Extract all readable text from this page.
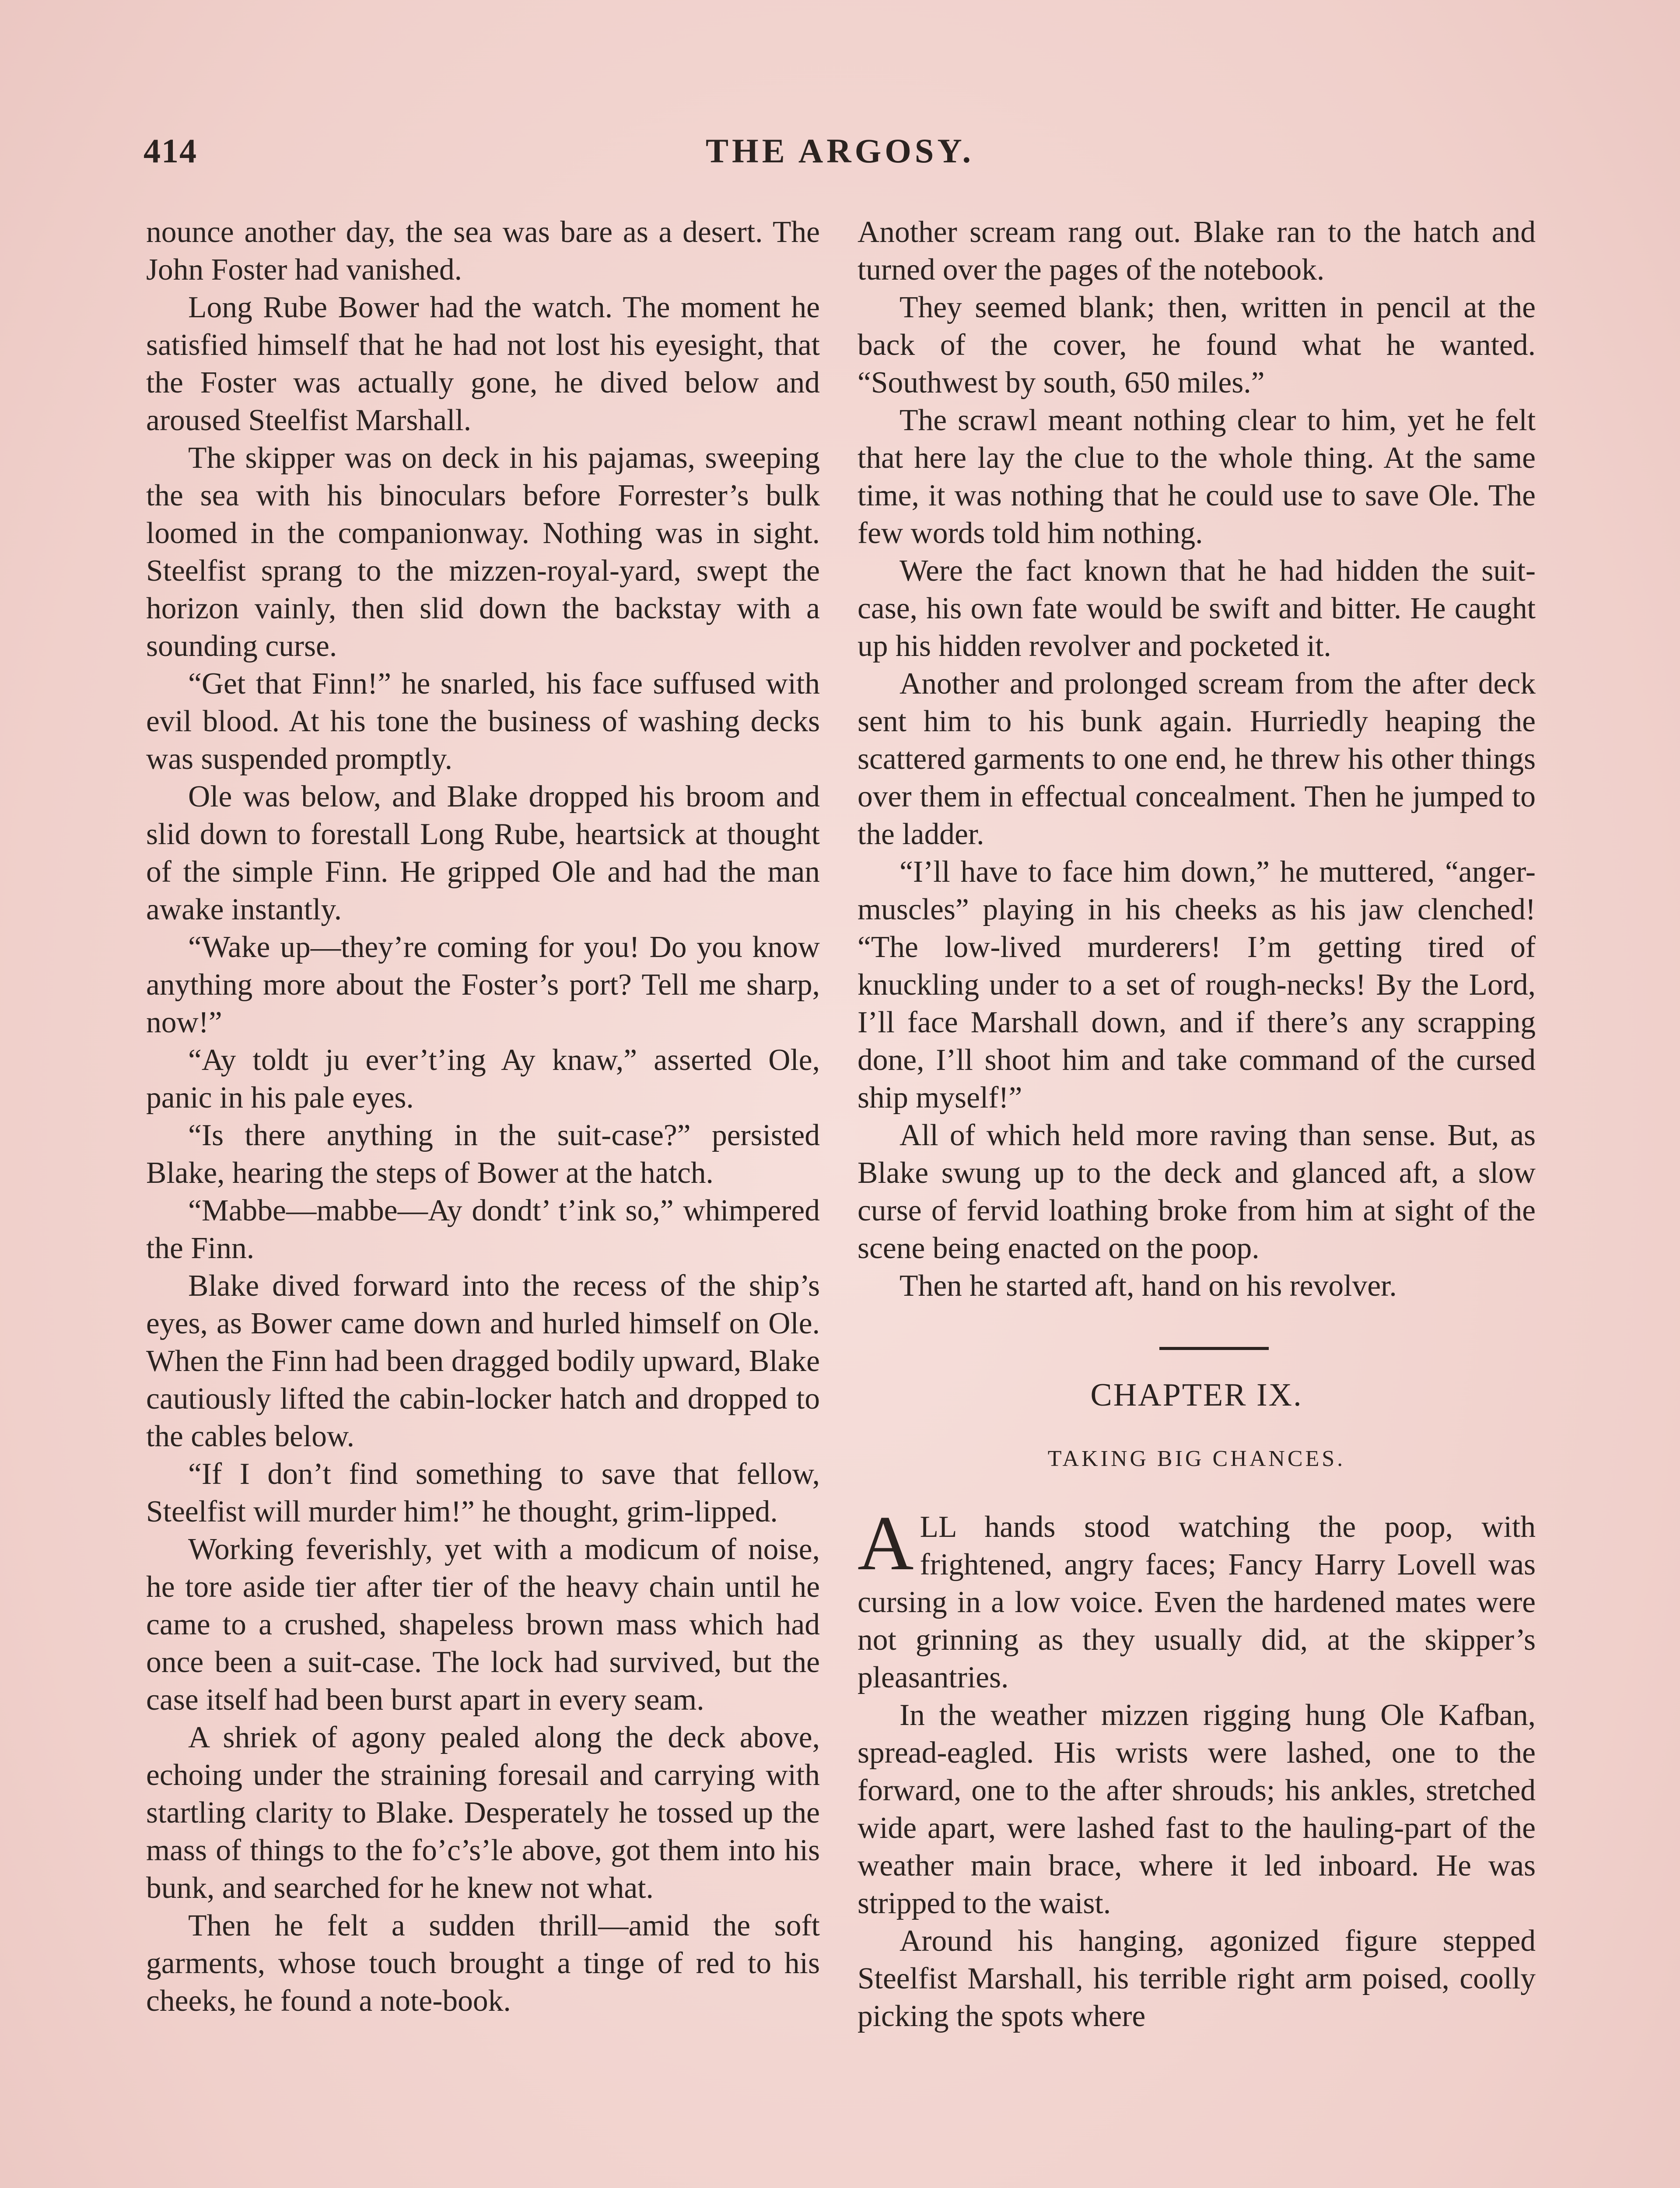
414	THE ARGOSY.

nounce another day, the sea was bare as a desert. The John Foster had vanished.

Long Rube Bower had the watch. The moment he satisfied himself that he had not lost his eyesight, that the Foster was actually gone, he dived below and aroused Steelfist Marshall.

The skipper was on deck in his pajamas, sweeping the sea with his binoculars before Forrester’s bulk loomed in the companionway. Nothing was in sight. Steelfist sprang to the mizzen-royal-yard, swept the horizon vainly, then slid down the backstay with a sounding curse.

“Get that Finn!” he snarled, his face suffused with evil blood. At his tone the business of washing decks was suspended promptly.

Ole was below, and Blake dropped his broom and slid down to forestall Long Rube, heartsick at thought of the simple Finn. He gripped Ole and had the man awake instantly.

“Wake up—they’re coming for you! Do you know anything more about the Foster’s port? Tell me sharp, now!”

“Ay toldt ju ever’t’ing Ay knaw,” asserted Ole, panic in his pale eyes.

“Is there anything in the suit-case?” persisted Blake, hearing the steps of Bower at the hatch.

“Mabbe—mabbe—Ay dondt’ t’ink so,” whimpered the Finn.

Blake dived forward into the recess of the ship’s eyes, as Bower came down and hurled himself on Ole. When the Finn had been dragged bodily upward, Blake cautiously lifted the cabin-locker hatch and dropped to the cables below.

“If I don’t find something to save that fellow, Steelfist will murder him!” he thought, grim-lipped.

Working feverishly, yet with a modicum of noise, he tore aside tier after tier of the heavy chain until he came to a crushed, shapeless brown mass which had once been a suit-case. The lock had survived, but the case itself had been burst apart in every seam.

A shriek of agony pealed along the deck above, echoing under the straining foresail and carrying with startling clarity to Blake. Desperately he tossed up the mass of things to the fo’c’s’le above, got them into his bunk, and searched for he knew not what.

Then he felt a sudden thrill—amid the soft garments, whose touch brought a tinge of red to his cheeks, he found a note-book.

Another scream rang out. Blake ran to the hatch and turned over the pages of the notebook.

They seemed blank; then, written in pencil at the back of the cover, he found what he wanted. “Southwest by south, 650 miles.”

The scrawl meant nothing clear to him, yet he felt that here lay the clue to the whole thing. At the same time, it was nothing that he could use to save Ole. The few words told him nothing.

Were the fact known that he had hidden the suit-case, his own fate would be swift and bitter. He caught up his hidden revolver and pocketed it.

Another and prolonged scream from the after deck sent him to his bunk again. Hurriedly heaping the scattered garments to one end, he threw his other things over them in effectual concealment. Then he jumped to the ladder.

“I’ll have to face him down,” he muttered, “anger-muscles” playing in his cheeks as his jaw clenched! “The low-lived murderers! I’m getting tired of knuckling under to a set of rough-necks! By the Lord, I’ll face Marshall down, and if there’s any scrapping done, I’ll shoot him and take command of the cursed ship myself!”

All of which held more raving than sense. But, as Blake swung up to the deck and glanced aft, a slow curse of fervid loathing broke from him at sight of the scene being enacted on the poop.

Then he started aft, hand on his revolver.

CHAPTER IX.
TAKING BIG CHANCES.

ALL hands stood watching the poop, with frightened, angry faces; Fancy Harry Lovell was cursing in a low voice. Even the hardened mates were not grinning as they usually did, at the skipper’s pleasantries.

In the weather mizzen rigging hung Ole Kafban, spread-eagled. His wrists were lashed, one to the forward, one to the after shrouds; his ankles, stretched wide apart, were lashed fast to the hauling-part of the weather main brace, where it led inboard. He was stripped to the waist.

Around his hanging, agonized figure stepped Steelfist Marshall, his terrible right arm poised, coolly picking the spots where
